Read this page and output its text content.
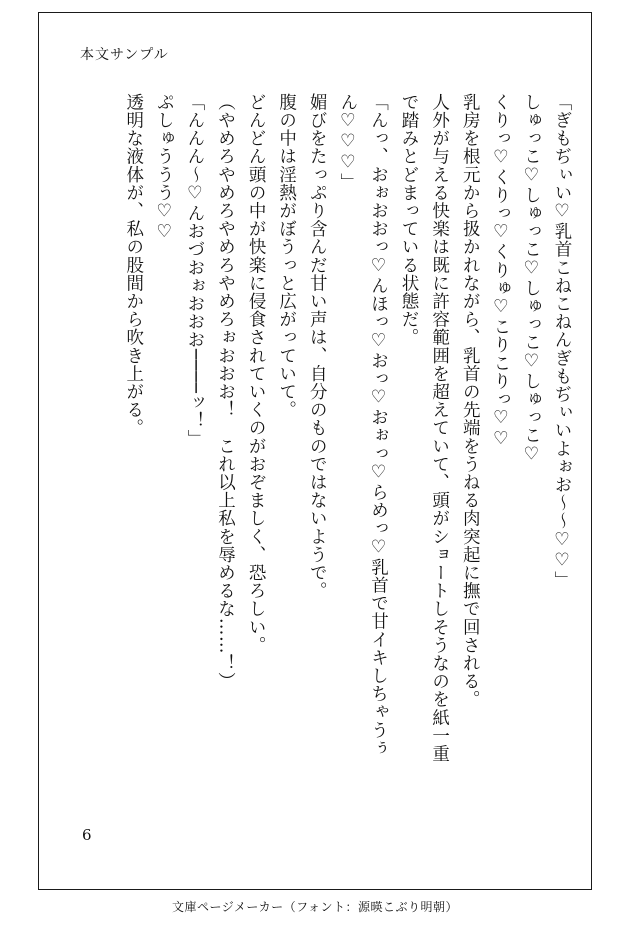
本文サンプル

「ぎもぢぃい♡乳首こねこねんぎもぢぃいよぉお～～♡♡」

しゅっこ♡しゅっこ♡しゅっこ♡しゅっこ♡

くりっ♡くりっ♡くりゅ♡こりこりっ♡♡

乳房を根元から扱かれながら、乳首の先端をうねる肉突起に撫で回される。

人外が与える快楽は既に許容範囲を超えていて、頭がショートしそうなのを紙一重で踏みとどまっている状態だ。

「んっ、おぉおおっ♡んほっ♡おっ♡おぉっ♡らめっ♡乳首で甘イキしちゃうぅん♡♡♡」

媚びをたっぷり含んだ甘い声は、自分のものではないようで。

腹の中は淫熱がぼうっと広がっていて。

どんどん頭の中が快楽に侵食されていくのがおぞましく、恐ろしい。

（やめろやめろやめろやめろぉおおお！　これ以上私を辱めるな……！）

「んんん～♡んおづおぉおおお────ッ！」

ぷしゅううう♡♡

透明な液体が、私の股間から吹き上がる。

6
文庫ページメーカー（フォント：源暎こぶり明朝）
